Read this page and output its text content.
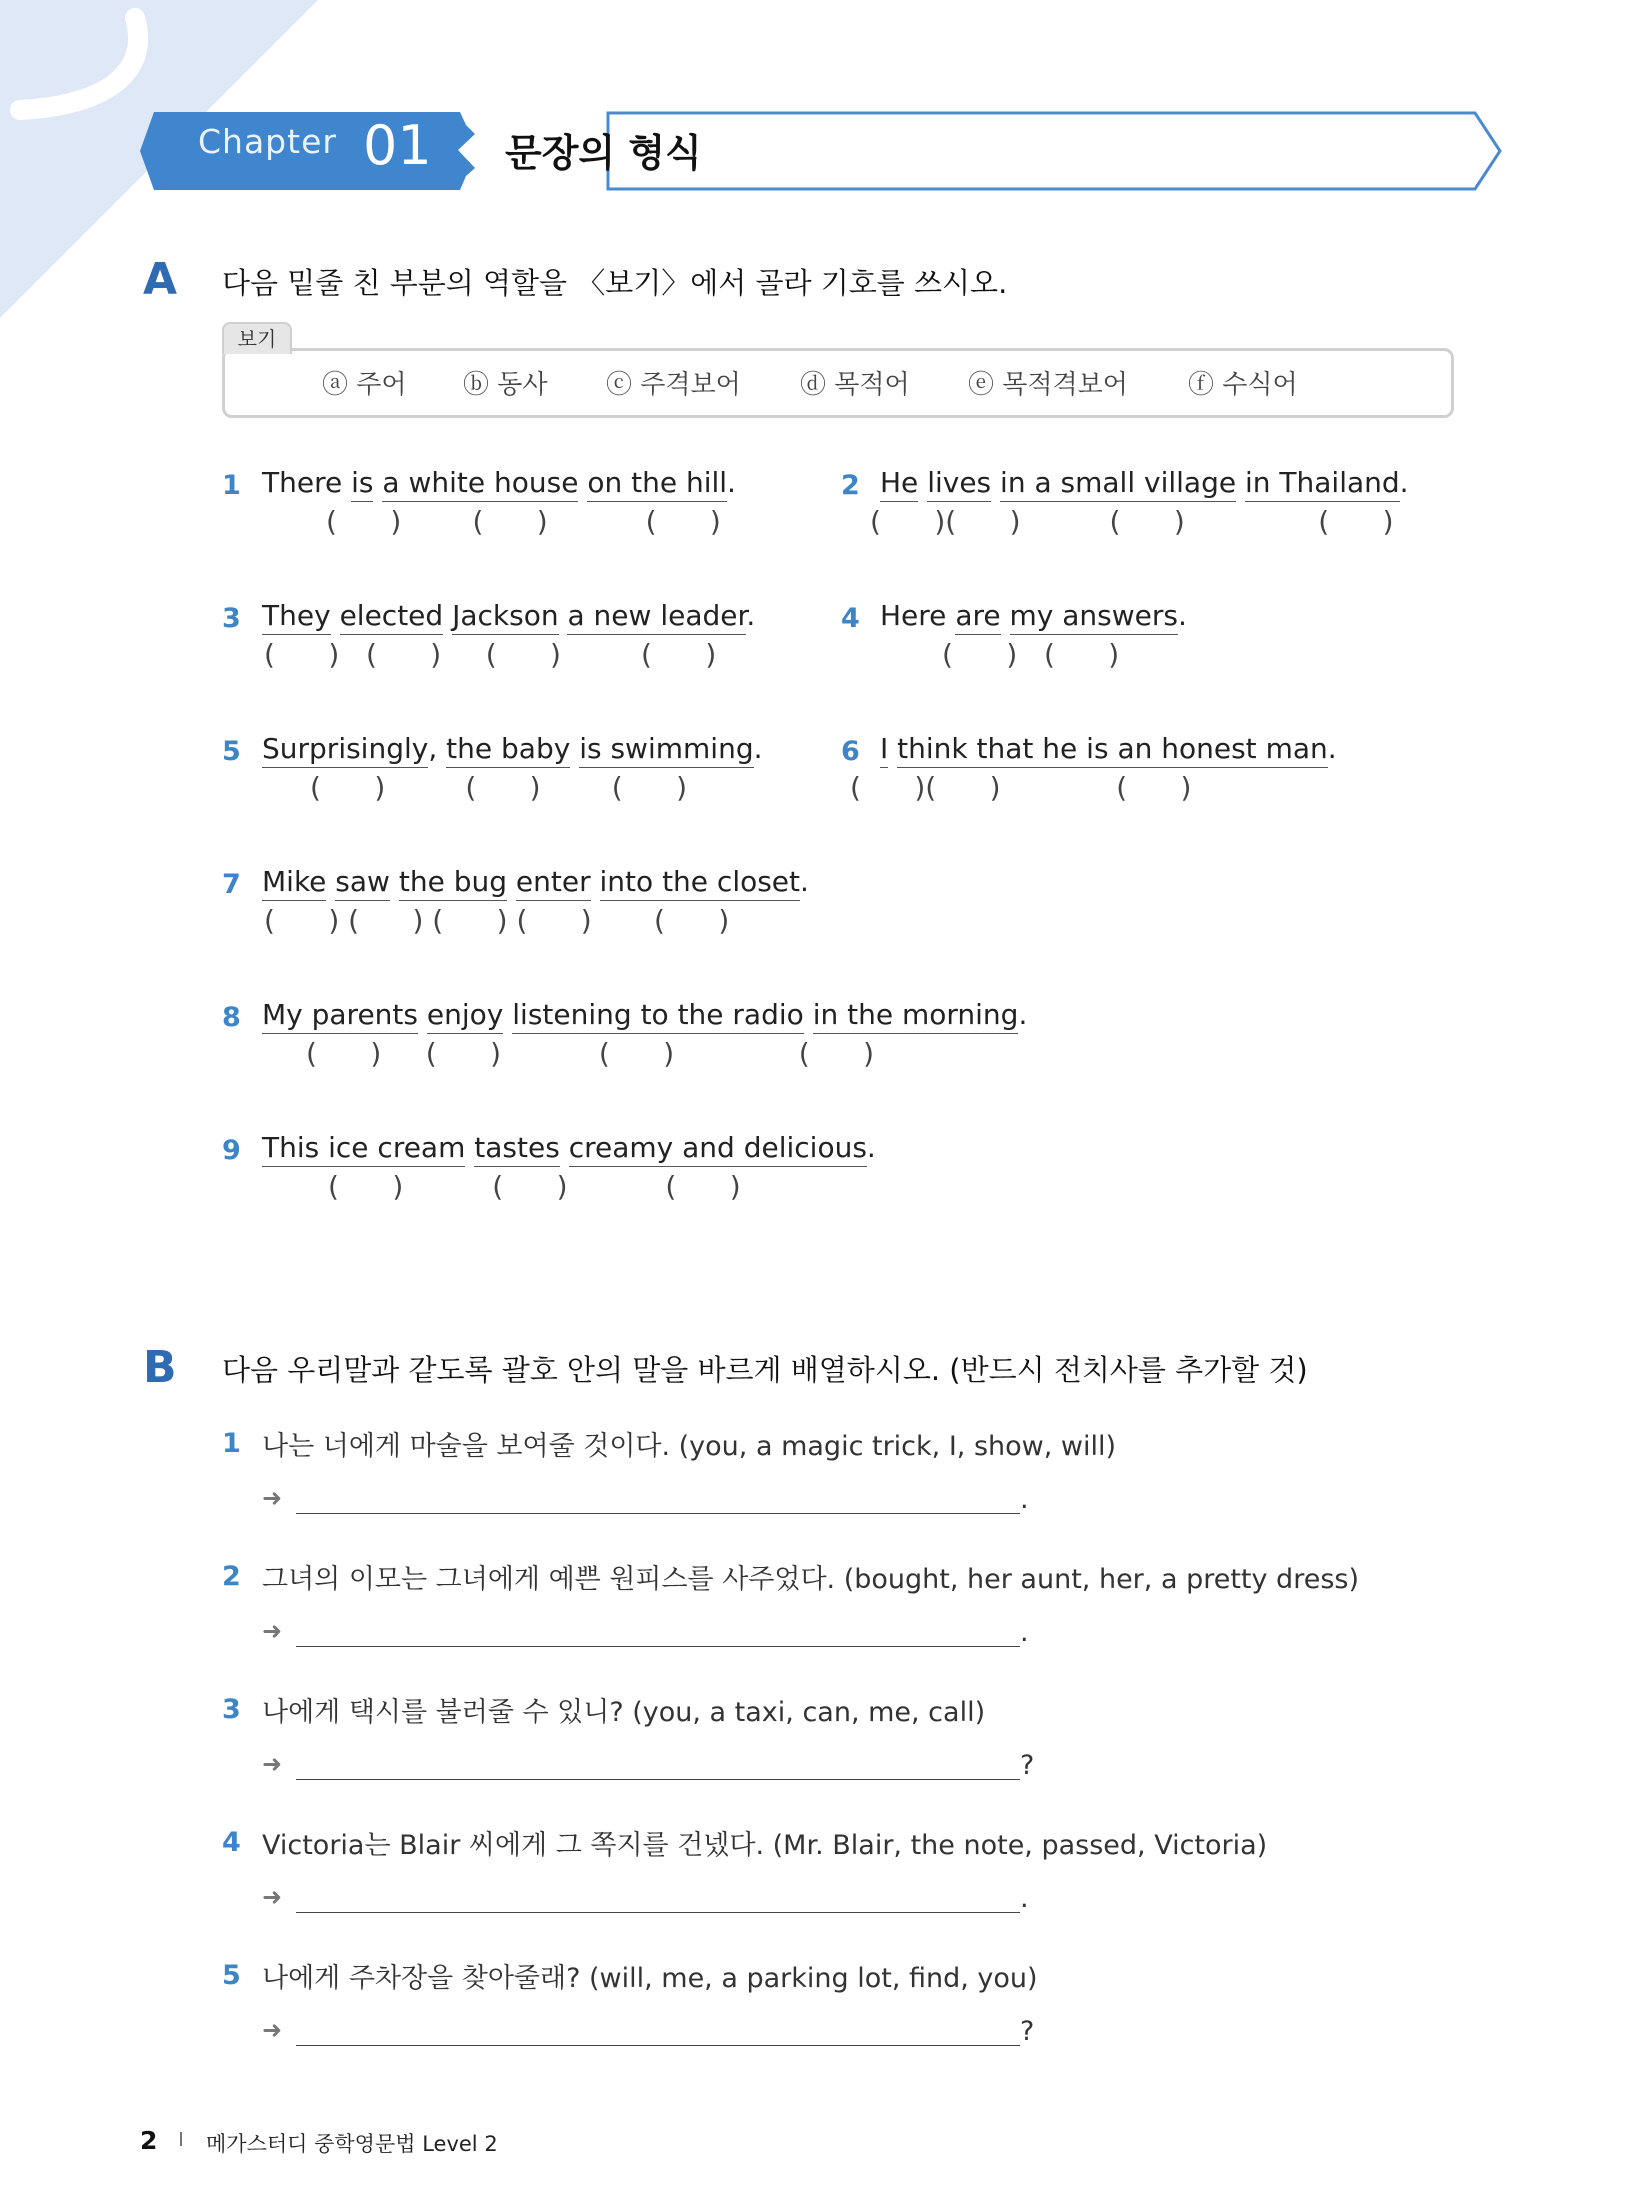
Chapter 01 문장의 형식
A 다음 밑줄 친 부분의 역할을 〈보기〉에서 골라 기호를 쓰시오.
보기
ⓐ 주어 ⓑ 동사 ⓒ 주격보어 ⓓ 목적어 ⓔ 목적격보어 ⓕ 수식어
1 There is a white house on the hill.
(      )        (      )           (      )
2 He lives in a small village in Thailand.
(      )(      )          (      )               (      )
3 They elected Jackson a new leader.
(      )   (      )     (      )         (      )
4 Here are my answers.
(      )   (      )
5 Surprisingly, the baby is swimming.
(      )         (      )        (      )
6 I think that he is an honest man.
(      )(      )             (      )
7 Mike saw the bug enter into the closet.
(      ) (      ) (      ) (      )       (      )
8 My parents enjoy listening to the radio in the morning.
(      )     (      )           (      )              (      )
9 This ice cream tastes creamy and delicious.
(      )          (      )           (      )
B 다음 우리말과 같도록 괄호 안의 말을 바르게 배열하시오. (반드시 전치사를 추가할 것)
1 나는 너에게 마술을 보여줄 것이다. (you, a magic trick, I, show, will)
➜	.
2 그녀의 이모는 그녀에게 예쁜 원피스를 사주었다. (bought, her aunt, her, a pretty dress)
➜	.
3 나에게 택시를 불러줄 수 있니? (you, a taxi, can, me, call)
➜	?
4 Victoria는 Blair 씨에게 그 쪽지를 건넸다. (Mr. Blair, the note, passed, Victoria)
➜	.
5 나에게 주차장을 찾아줄래? (will, me, a parking lot, find, you)
➜	?
2 메가스터디 중학영문법 Level 2
